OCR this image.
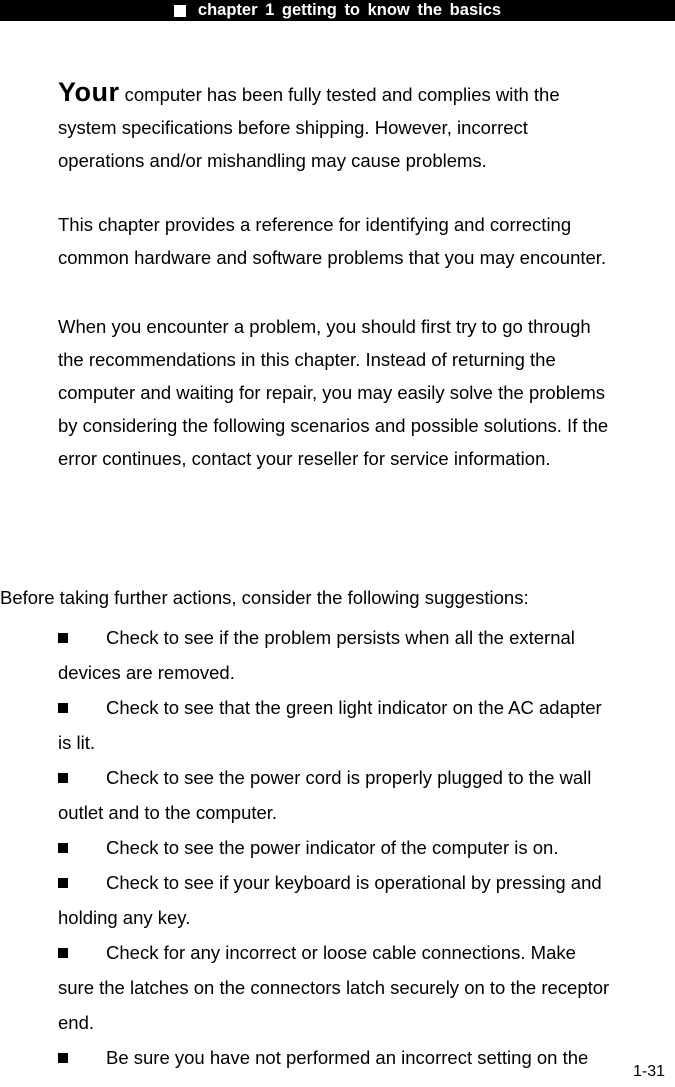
chapter 1 getting to know the basics

Your computer has been fully tested and complies with the
system specifications before shipping. However, incorrect
operations and/or mishandling may cause problems.

This chapter provides a reference for identifying and correcting
common hardware and software problems that you may encounter.

When you encounter a problem, you should first try to go through
the recommendations in this chapter. Instead of returning the
computer and waiting for repair, you may easily solve the problems
by considering the following scenarios and possible solutions. If the
error continues, contact your reseller for service information.

Before taking further actions, consider the following suggestions:

Check to see if the problem persists when all the external
devices are removed.
Check to see that the green light indicator on the AC adapter
is lit.
Check to see the power cord is properly plugged to the wall
outlet and to the computer.
Check to see the power indicator of the computer is on.
Check to see if your keyboard is operational by pressing and
holding any key.
Check for any incorrect or loose cable connections. Make
sure the latches on the connectors latch securely on to the receptor
end.
Be sure you have not performed an incorrect setting on the

1-31
